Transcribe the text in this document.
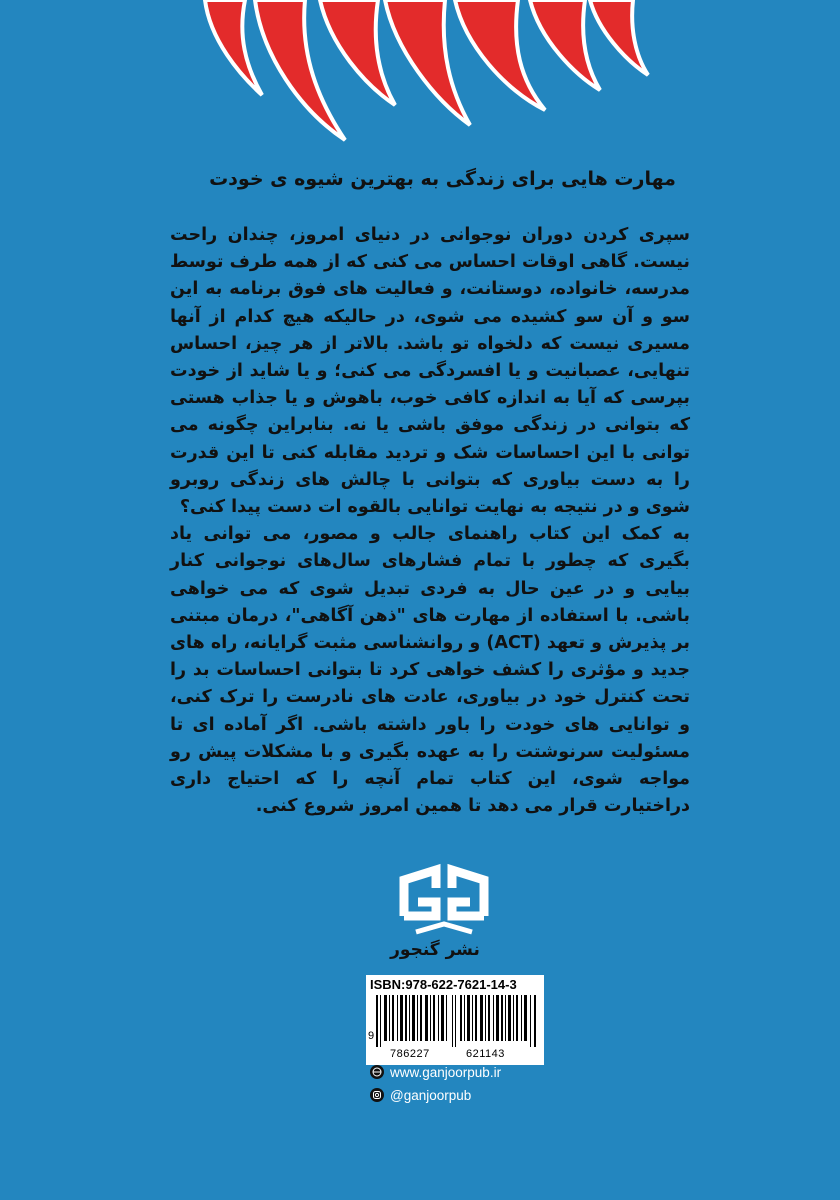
مهارت هایی برای زندگی به بهترین شیوه ی خودت

سپری کردن دوران نوجوانی در دنیای امروز، چندان راحت نیست. گاهی اوقات احساس می کنی که از همه طرف توسط مدرسه، خانواده، دوستانت، و فعالیت های فوق برنامه به این سو و آن سو کشیده می شوی، در حالیکه هیچ کدام از آنها مسیری نیست که دلخواه تو باشد. بالاتر از هر چیز، احساس تنهایی، عصبانیت و یا افسردگی می کنی؛ و یا شاید از خودت بپرسی که آیا به اندازه کافی خوب، باهوش و یا جذاب هستی که بتوانی در زندگی موفق باشی یا نه. بنابراین چگونه می توانی با این احساسات شک و تردید مقابله کنی تا این قدرت را به دست بیاوری که بتوانی با چالش های زندگی روبرو شوی و در نتیجه به نهایت توانایی بالقوه ات دست پیدا کنی؟

به کمک این کتاب راهنمای جالب و مصور، می توانی یاد بگیری که چطور با تمام فشارهای سال‌های نوجوانی کنار بیایی و در عین حال به فردی تبدیل شوی که می خواهی باشی. با استفاده از مهارت های "ذهن آگاهی"، درمان مبتنی بر پذیرش و تعهد (ACT) و روانشناسی مثبت گرایانه، راه های جدید و مؤثری را کشف خواهی کرد تا بتوانی احساسات بد را تحت کنترل خود در بیاوری، عادت های نادرست را ترک کنی، و توانایی های خودت را باور داشته باشی. اگر آماده ای تا مسئولیت سرنوشتت را به عهده بگیری و با مشکلات پیش رو مواجه شوی، این کتاب تمام آنچه را که احتیاج داری دراختیارت قرار می دهد تا همین امروز شروع کنی.

نشر گنجور
ISBN:978-622-7621-14-3
9
786227	621143
www.ganjoorpub.ir
@ganjoorpub
